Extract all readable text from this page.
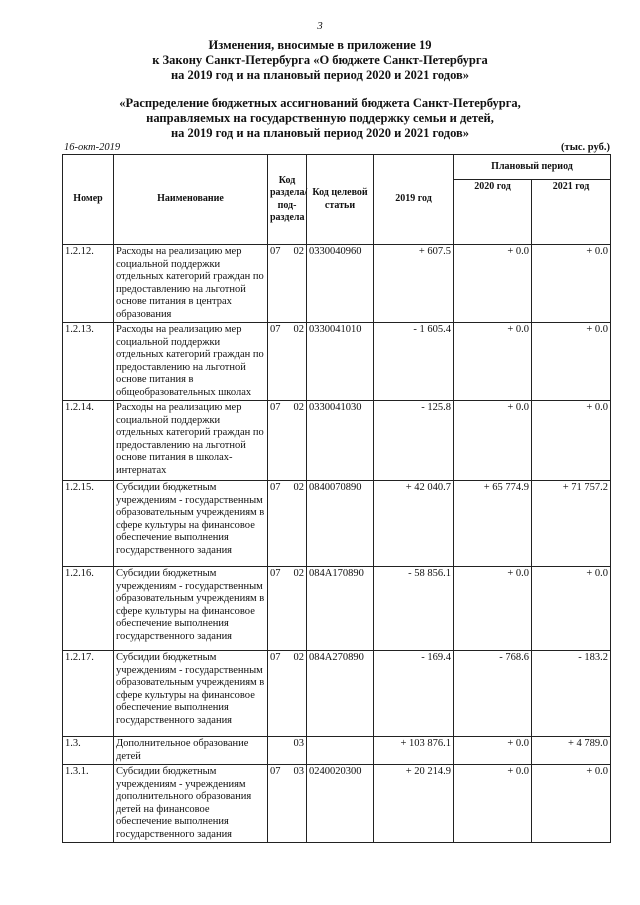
3
Изменения, вносимые в приложение 19
к Закону Санкт-Петербурга «О бюджете Санкт-Петербурга
на 2019 год и на плановый период 2020 и 2021 годов»
«Распределение бюджетных ассигнований бюджета Санкт-Петербурга,
направляемых на государственную поддержку семьи и детей,
на 2019 год и на плановый период 2020 и 2021 годов»
16-окт-2019	(тыс. руб.)
Номер	Наименование	Код раздела/ под- раздела		Код целевой статьи	2019 год	Плановый период	
						2020 год	2021 год
1.2.12.	Расходы на реализацию мер социальной поддержки отдельных категорий граждан по предоставлению на льготной основе питания в центрах образования	07	02	0330040960	+ 607.5	+ 0.0	+ 0.0
1.2.13.	Расходы на реализацию мер социальной поддержки отдельных категорий граждан по предоставлению на льготной основе питания в общеобразовательных школах	07	02	0330041010	- 1 605.4	+ 0.0	+ 0.0
1.2.14.	Расходы на реализацию мер социальной поддержки отдельных категорий граждан по предоставлению на льготной основе питания в школах-интернатах	07	02	0330041030	- 125.8	+ 0.0	+ 0.0
1.2.15.	Субсидии бюджетным учреждениям - государственным образовательным учреждениям в сфере культуры на финансовое обеспечение выполнения государственного задания	07	02	0840070890	+ 42 040.7	+ 65 774.9	+ 71 757.2
1.2.16.	Субсидии бюджетным учреждениям - государственным образовательным учреждениям в сфере культуры на финансовое обеспечение выполнения государственного задания	07	02	084A170890	- 58 856.1	+ 0.0	+ 0.0
1.2.17.	Субсидии бюджетным учреждениям - государственным образовательным учреждениям в сфере культуры на финансовое обеспечение выполнения государственного задания	07	02	084A270890	- 169.4	- 768.6	- 183.2
1.3.	Дополнительное образование детей		03		+ 103 876.1	+ 0.0	+ 4 789.0
1.3.1.	Субсидии бюджетным учреждениям - учреждениям дополнительного образования детей на финансовое обеспечение выполнения государственного задания	07	03	0240020300	+ 20 214.9	+ 0.0	+ 0.0
